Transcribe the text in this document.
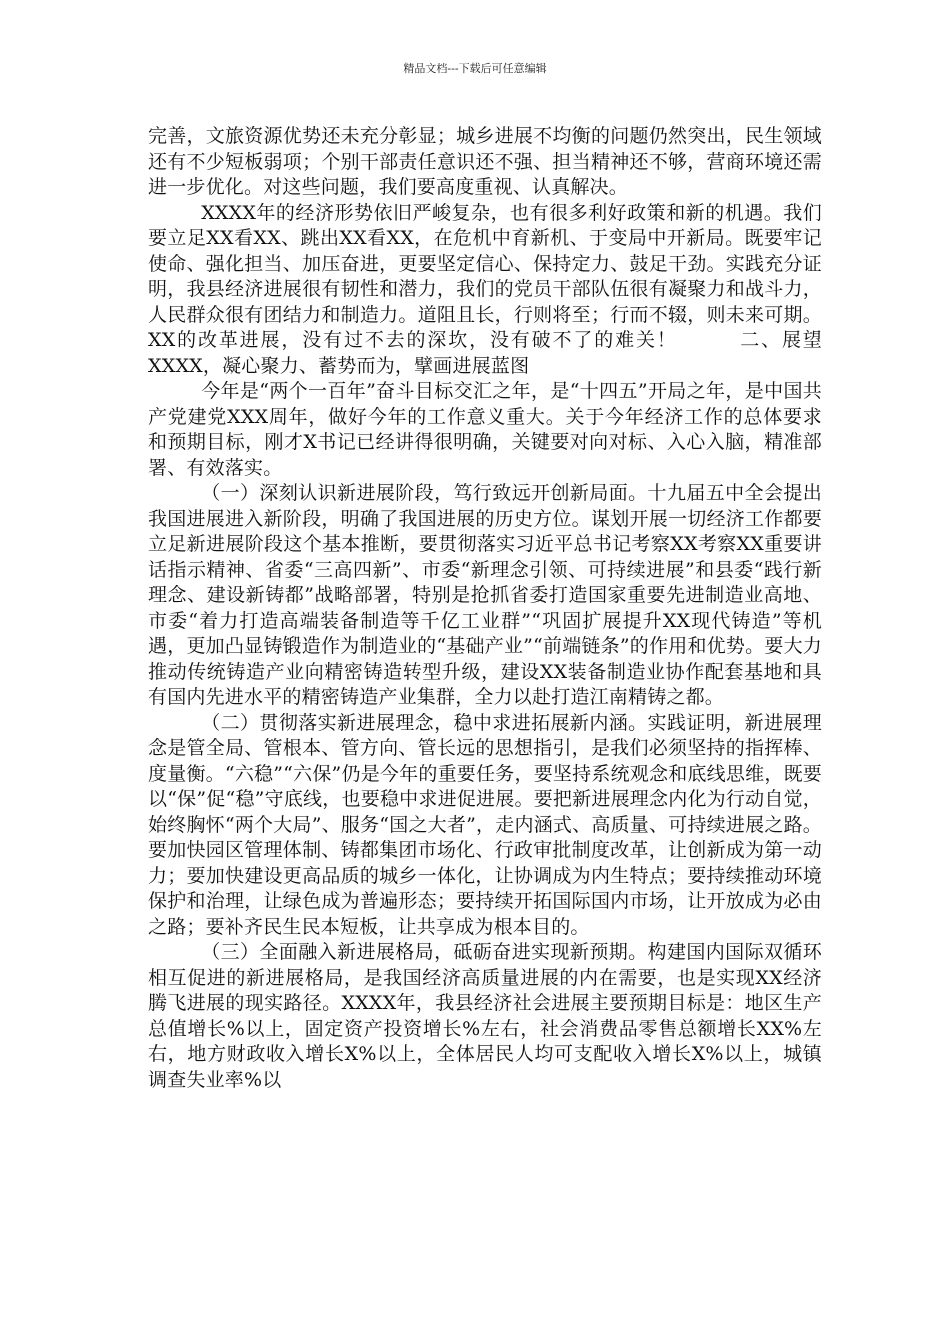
精品文档---下载后可任意编辑

完善，文旅资源优势还未充分彰显；城乡进展不均衡的问题仍然突出，民生领域还有不少短板弱项；个别干部责任意识还不强、担当精神还不够，营商环境还需进一步优化。对这些问题，我们要高度重视、认真解决。

XXXX年的经济形势依旧严峻复杂，也有很多利好政策和新的机遇。我们要立足XX看XX、跳出XX看XX，在危机中育新机、于变局中开新局。既要牢记使命、强化担当、加压奋进，更要坚定信心、保持定力、鼓足干劲。实践充分证明，我县经济进展很有韧性和潜力，我们的党员干部队伍很有凝聚力和战斗力，人民群众很有团结力和制造力。道阻且长，行则将至；行而不辍，则未来可期。XX的改革进展，没有过不去的深坎，没有破不了的难关！　　　二、展望XXXX，凝心聚力、蓄势而为，擘画进展蓝图

今年是“两个一百年”奋斗目标交汇之年，是“十四五”开局之年，是中国共产党建党XXX周年，做好今年的工作意义重大。关于今年经济工作的总体要求和预期目标，刚才X书记已经讲得很明确，关键要对向对标、入心入脑，精准部署、有效落实。

（一）深刻认识新进展阶段，笃行致远开创新局面。十九届五中全会提出我国进展进入新阶段，明确了我国进展的历史方位。谋划开展一切经济工作都要立足新进展阶段这个基本推断，要贯彻落实习近平总书记考察XX考察XX重要讲话指示精神、省委“三高四新”、市委“新理念引领、可持续进展”和县委“践行新理念、建设新铸都”战略部署，特别是抢抓省委打造国家重要先进制造业高地、市委“着力打造高端装备制造等千亿工业群”“巩固扩展提升XX现代铸造”等机遇，更加凸显铸锻造作为制造业的“基础产业”“前端链条”的作用和优势。要大力推动传统铸造产业向精密铸造转型升级，建设XX装备制造业协作配套基地和具有国内先进水平的精密铸造产业集群，全力以赴打造江南精铸之都。

（二）贯彻落实新进展理念，稳中求进拓展新内涵。实践证明，新进展理念是管全局、管根本、管方向、管长远的思想指引，是我们必须坚持的指挥棒、度量衡。“六稳”“六保”仍是今年的重要任务，要坚持系统观念和底线思维，既要以“保”促“稳”守底线，也要稳中求进促进展。要把新进展理念内化为行动自觉，始终胸怀“两个大局”、服务“国之大者”，走内涵式、高质量、可持续进展之路。要加快园区管理体制、铸都集团市场化、行政审批制度改革，让创新成为第一动力；要加快建设更高品质的城乡一体化，让协调成为内生特点；要持续推动环境保护和治理，让绿色成为普遍形态；要持续开拓国际国内市场，让开放成为必由之路；要补齐民生民本短板，让共享成为根本目的。

（三）全面融入新进展格局，砥砺奋进实现新预期。构建国内国际双循环相互促进的新进展格局，是我国经济高质量进展的内在需要，也是实现XX经济腾飞进展的现实路径。XXXX年，我县经济社会进展主要预期目标是：地区生产总值增长%以上，固定资产投资增长%左右，社会消费品零售总额增长XX%左右，地方财政收入增长X%以上，全体居民人均可支配收入增长X%以上，城镇调查失业率%以
